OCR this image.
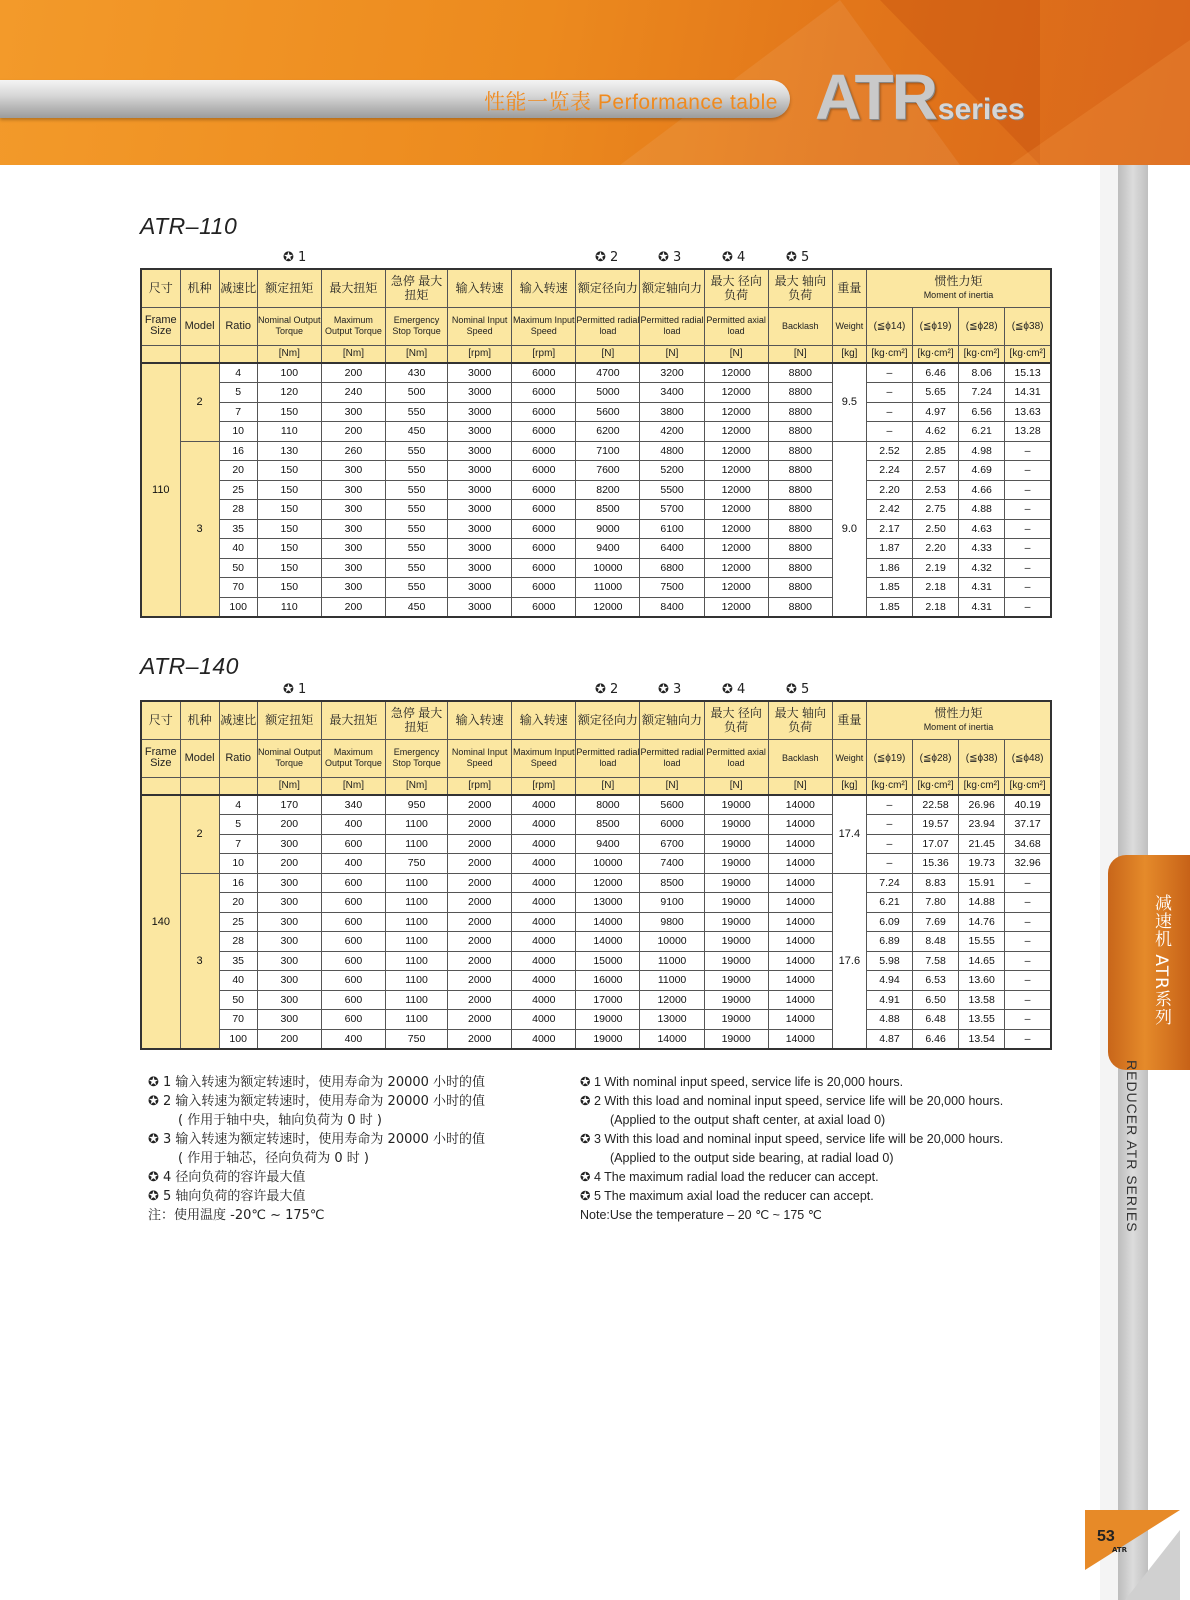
性能一览表 Performance table ATRseries
减速机 ATR系列
REDUCER ATR SERIES
53
ATR
ATR–110
✪ 1	✪ 2	✪ 3	✪ 4	✪ 5
尺寸	机种	减速比	额定扭矩	最大扭矩	急停 最大扭矩	输入转速	输入转速	额定径向力	额定轴向力	最大 径向负荷	最大 轴向负荷	重量	惯性力矩
Moment of inertia			
Frame Size	Model	Ratio	Nominal Output Torque	Maximum Output Torque	Emergency Stop Torque	Nominal Input Speed	Maximum Input Speed	Permitted radial load	Permitted radial load	Permitted axial load	Backlash	Weight	(≦ϕ14)	(≦ϕ19)	(≦ϕ28)	(≦ϕ38)
			[Nm]	[Nm]	[Nm]	[rpm]	[rpm]	[N]	[N]	[N]	[N]	[kg]	[kg·cm²]	[kg·cm²]	[kg·cm²]	[kg·cm²]
110	2	4	100	200	430	3000	6000	4700	3200	12000	8800	9.5	–	6.46	8.06	15.13
		5	120	240	500	3000	6000	5000	3400	12000	8800		–	5.65	7.24	14.31
		7	150	300	550	3000	6000	5600	3800	12000	8800		–	4.97	6.56	13.63
		10	110	200	450	3000	6000	6200	4200	12000	8800		–	4.62	6.21	13.28
	3	16	130	260	550	3000	6000	7100	4800	12000	8800	9.0	2.52	2.85	4.98	–
		20	150	300	550	3000	6000	7600	5200	12000	8800		2.24	2.57	4.69	–
		25	150	300	550	3000	6000	8200	5500	12000	8800		2.20	2.53	4.66	–
		28	150	300	550	3000	6000	8500	5700	12000	8800		2.42	2.75	4.88	–
		35	150	300	550	3000	6000	9000	6100	12000	8800		2.17	2.50	4.63	–
		40	150	300	550	3000	6000	9400	6400	12000	8800		1.87	2.20	4.33	–
		50	150	300	550	3000	6000	10000	6800	12000	8800		1.86	2.19	4.32	–
		70	150	300	550	3000	6000	11000	7500	12000	8800		1.85	2.18	4.31	–
		100	110	200	450	3000	6000	12000	8400	12000	8800		1.85	2.18	4.31	–
ATR–140
✪ 1	✪ 2	✪ 3	✪ 4	✪ 5
尺寸	机种	减速比	额定扭矩	最大扭矩	急停 最大扭矩	输入转速	输入转速	额定径向力	额定轴向力	最大 径向负荷	最大 轴向负荷	重量	惯性力矩
Moment of inertia			
Frame Size	Model	Ratio	Nominal Output Torque	Maximum Output Torque	Emergency Stop Torque	Nominal Input Speed	Maximum Input Speed	Permitted radial load	Permitted radial load	Permitted axial load	Backlash	Weight	(≦ϕ19)	(≦ϕ28)	(≦ϕ38)	(≦ϕ48)
			[Nm]	[Nm]	[Nm]	[rpm]	[rpm]	[N]	[N]	[N]	[N]	[kg]	[kg·cm²]	[kg·cm²]	[kg·cm²]	[kg·cm²]
140	2	4	170	340	950	2000	4000	8000	5600	19000	14000	17.4	–	22.58	26.96	40.19
		5	200	400	1100	2000	4000	8500	6000	19000	14000		–	19.57	23.94	37.17
		7	300	600	1100	2000	4000	9400	6700	19000	14000		–	17.07	21.45	34.68
		10	200	400	750	2000	4000	10000	7400	19000	14000		–	15.36	19.73	32.96
	3	16	300	600	1100	2000	4000	12000	8500	19000	14000	17.6	7.24	8.83	15.91	–
		20	300	600	1100	2000	4000	13000	9100	19000	14000		6.21	7.80	14.88	–
		25	300	600	1100	2000	4000	14000	9800	19000	14000		6.09	7.69	14.76	–
		28	300	600	1100	2000	4000	14000	10000	19000	14000		6.89	8.48	15.55	–
		35	300	600	1100	2000	4000	15000	11000	19000	14000		5.98	7.58	14.65	–
		40	300	600	1100	2000	4000	16000	11000	19000	14000		4.94	6.53	13.60	–
		50	300	600	1100	2000	4000	17000	12000	19000	14000		4.91	6.50	13.58	–
		70	300	600	1100	2000	4000	19000	13000	19000	14000		4.88	6.48	13.55	–
		100	200	400	750	2000	4000	19000	14000	19000	14000		4.87	6.46	13.54	–
✪ 1 输入转速为额定转速时，使用寿命为 20000 小时的值
✪ 2 输入转速为额定转速时，使用寿命为 20000 小时的值
( 作用于轴中央，轴向负荷为 0 时 )
✪ 3 输入转速为额定转速时，使用寿命为 20000 小时的值
( 作用于轴芯，径向负荷为 0 时 )
✪ 4 径向负荷的容许最大值
✪ 5 轴向负荷的容许最大值
注：使用温度 -20℃ ~ 175℃
✪ 1 With nominal input speed, service life is 20,000 hours.
✪ 2 With this load and nominal input speed, service life will be 20,000 hours.
(Applied to the output shaft center, at axial load 0)
✪ 3 With this load and nominal input speed, service life will be 20,000 hours.
(Applied to the output side bearing, at radial load 0)
✪ 4 The maximum radial load the reducer can accept.
✪ 5 The maximum axial load the reducer can accept.
Note:Use the temperature – 20 ℃ ~ 175 ℃
